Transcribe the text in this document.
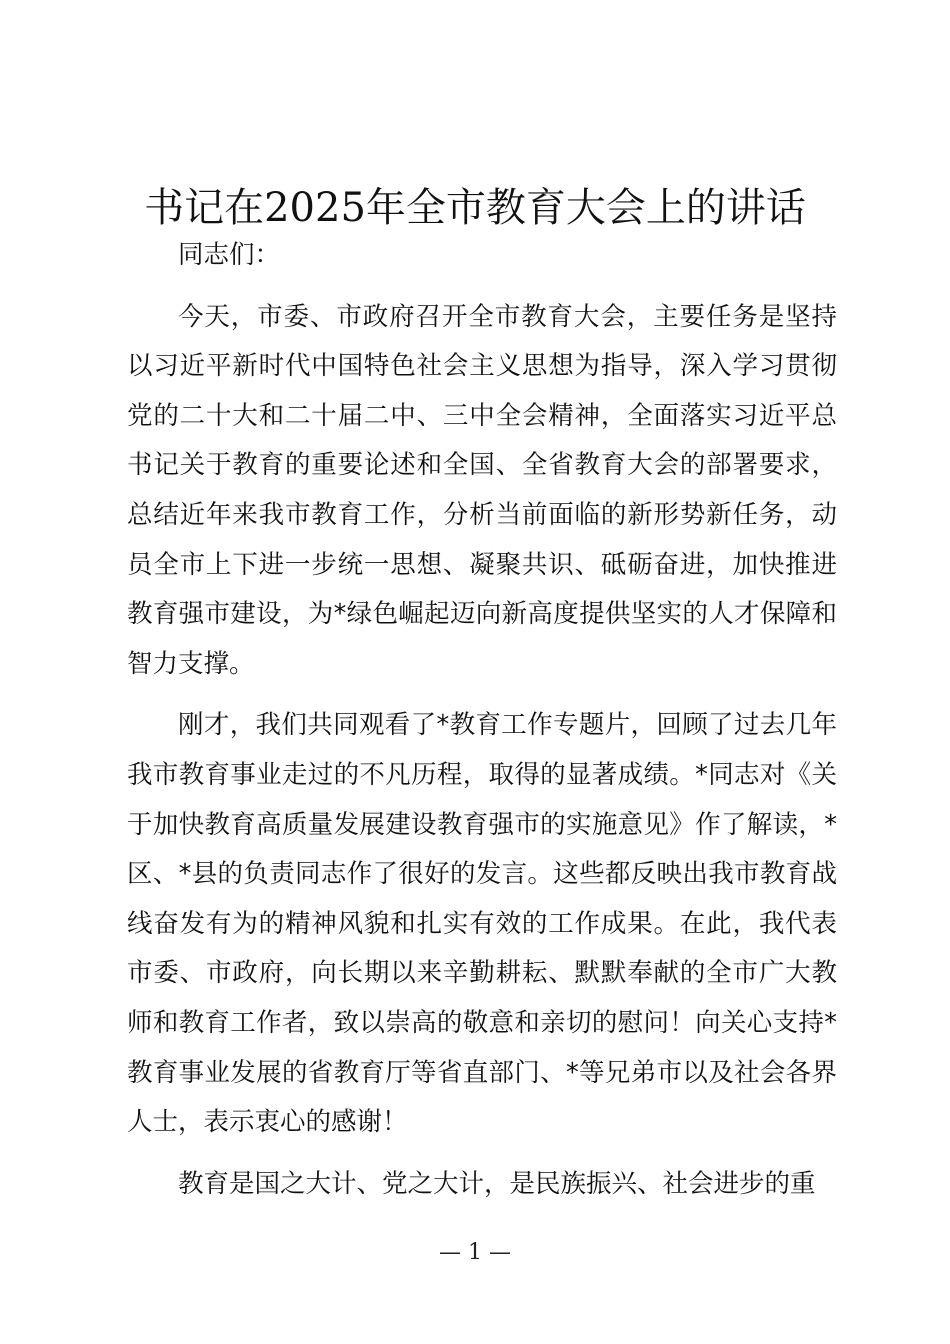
书记在2025年全市教育大会上的讲话

同志们：

今天，市委、市政府召开全市教育大会，主要任务是坚持以习近平新时代中国特色社会主义思想为指导，深入学习贯彻党的二十大和二十届二中、三中全会精神，全面落实习近平总书记关于教育的重要论述和全国、全省教育大会的部署要求，总结近年来我市教育工作，分析当前面临的新形势新任务，动员全市上下进一步统一思想、凝聚共识、砥砺奋进，加快推进教育强市建设，为*绿色崛起迈向新高度提供坚实的人才保障和智力支撑。

刚才，我们共同观看了*教育工作专题片，回顾了过去几年我市教育事业走过的不凡历程，取得的显著成绩。*同志对《关于加快教育高质量发展建设教育强市的实施意见》作了解读，*区、*县的负责同志作了很好的发言。这些都反映出我市教育战线奋发有为的精神风貌和扎实有效的工作成果。在此，我代表市委、市政府，向长期以来辛勤耕耘、默默奉献的全市广大教师和教育工作者，致以崇高的敬意和亲切的慰问！向关心支持*教育事业发展的省教育厅等省直部门、*等兄弟市以及社会各界人士，表示衷心的感谢！

教育是国之大计、党之大计，是民族振兴、社会进步的重

— 1 —
